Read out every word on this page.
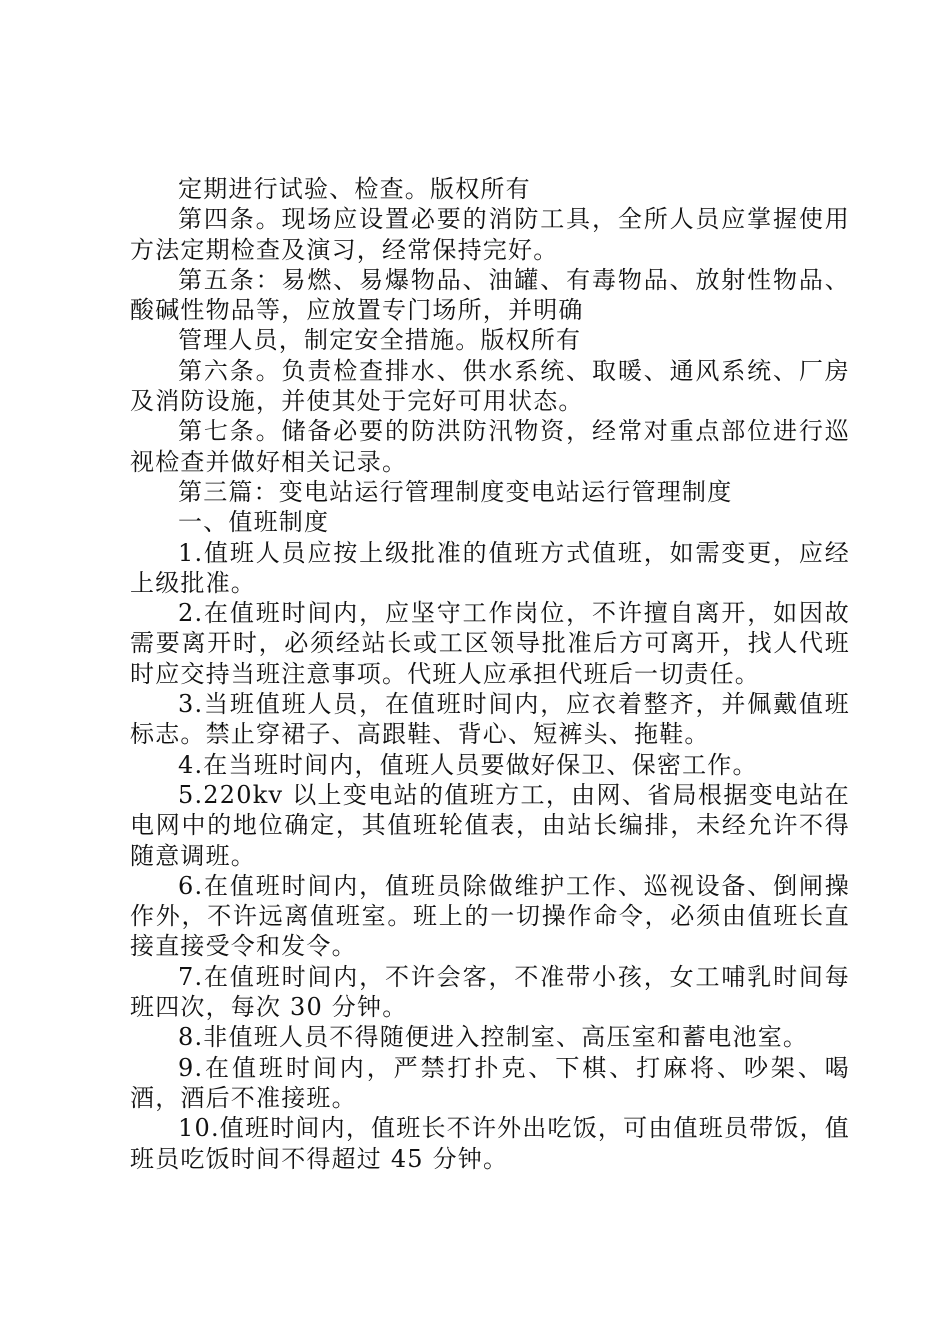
定期进行试验、检查。版权所有

第四条。现场应设置必要的消防工具，全所人员应掌握使用方法定期检查及演习，经常保持完好。

第五条：易燃、易爆物品、油罐、有毒物品、放射性物品、酸碱性物品等，应放置专门场所，并明确

管理人员，制定安全措施。版权所有

第六条。负责检查排水、供水系统、取暖、通风系统、厂房及消防设施，并使其处于完好可用状态。

第七条。储备必要的防洪防汛物资，经常对重点部位进行巡视检查并做好相关记录。

第三篇：变电站运行管理制度变电站运行管理制度

一、值班制度

1.值班人员应按上级批准的值班方式值班，如需变更，应经上级批准。

2.在值班时间内，应坚守工作岗位，不许擅自离开，如因故需要离开时，必须经站长或工区领导批准后方可离开，找人代班时应交持当班注意事项。代班人应承担代班后一切责任。

3.当班值班人员，在值班时间内，应衣着整齐，并佩戴值班标志。禁止穿裙子、高跟鞋、背心、短裤头、拖鞋。

4.在当班时间内，值班人员要做好保卫、保密工作。

5.220kv 以上变电站的值班方工，由网、省局根据变电站在电网中的地位确定，其值班轮值表，由站长编排，未经允许不得随意调班。

6.在值班时间内，值班员除做维护工作、巡视设备、倒闸操作外，不许远离值班室。班上的一切操作命令，必须由值班长直接直接受令和发令。

7.在值班时间内，不许会客，不准带小孩，女工哺乳时间每班四次，每次 30 分钟。

8.非值班人员不得随便进入控制室、高压室和蓄电池室。

9.在值班时间内，严禁打扑克、下棋、打麻将、吵架、喝酒，酒后不准接班。

10.值班时间内，值班长不许外出吃饭，可由值班员带饭，值班员吃饭时间不得超过 45 分钟。
